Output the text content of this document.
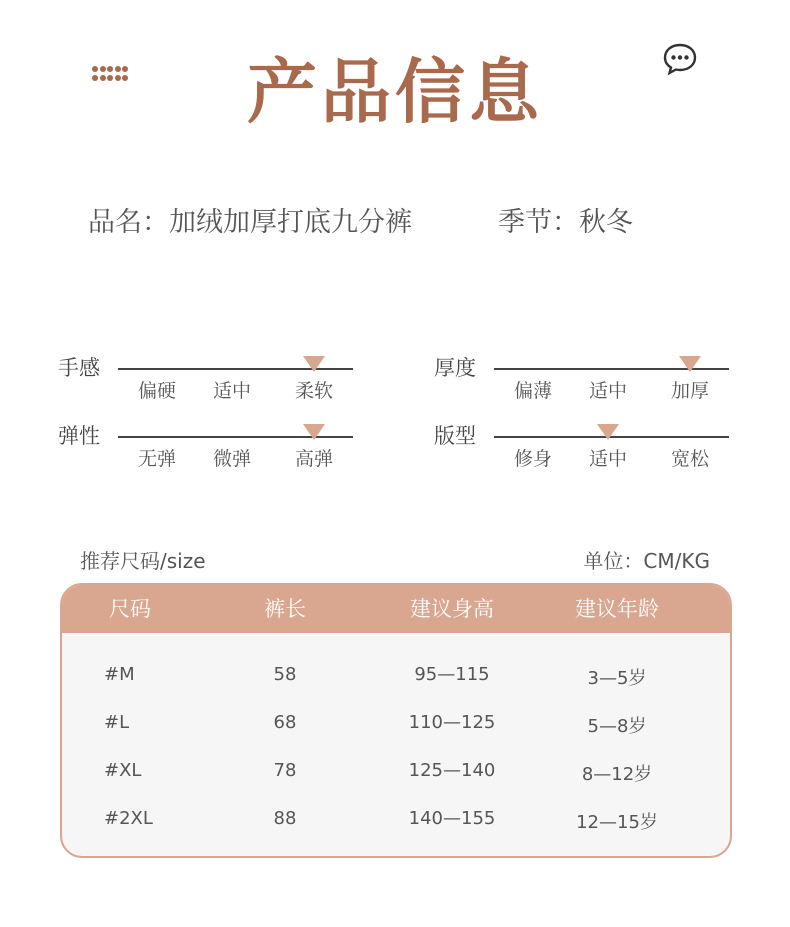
产品信息
品名：加绒加厚打底九分裤	季节：秋冬
手感
偏硬	适中	柔软
厚度
偏薄	适中	加厚
弹性
无弹	微弹	高弹
版型
修身	适中	宽松
推荐尺码/size	单位：CM/KG
尺码	裤长	建议身高	建议年龄
#M	58	95—115	3—5岁
#L	68	110—125	5—8岁
#XL	78	125—140	8—12岁
#2XL	88	140—155	12—15岁
